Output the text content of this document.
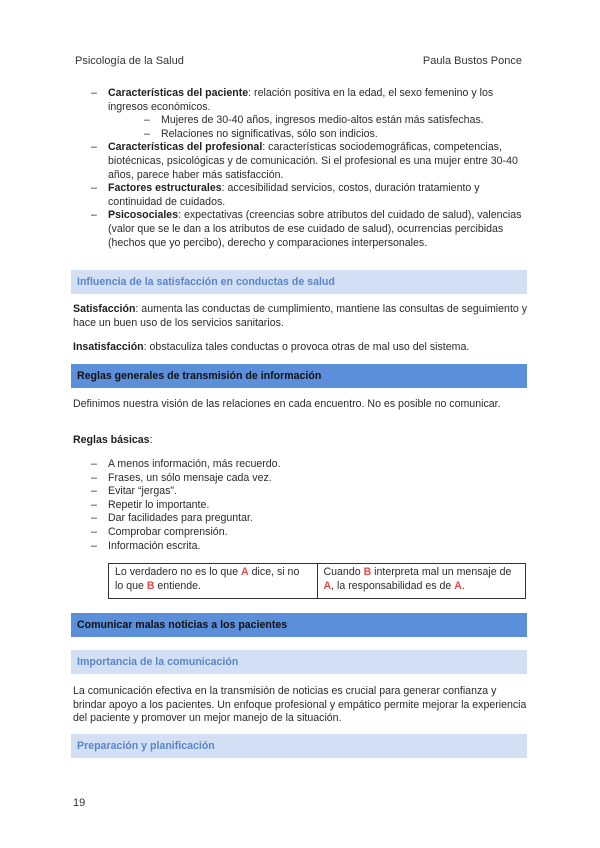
Psicología de la Salud	Paula Bustos Ponce
– Características del paciente: relación positiva en la edad, el sexo femenino y los ingresos económicos.
– Mujeres de 30-40 años, ingresos medio-altos están más satisfechas.
– Relaciones no significativas, sólo son indicios.
– Características del profesional: características sociodemográficas, competencias, biotécnicas, psicológicas y de comunicación. Si el profesional es una mujer entre 30-40 años, parece haber más satisfacción.
– Factores estructurales: accesibilidad servicios, costos, duración tratamiento y continuidad de cuidados.
– Psicosociales: expectativas (creencias sobre atributos del cuidado de salud), valencias (valor que se le dan a los atributos de ese cuidado de salud), ocurrencias percibidas (hechos que yo percibo), derecho y comparaciones interpersonales.
Influencia de la satisfacción en conductas de salud

Satisfacción: aumenta las conductas de cumplimiento, mantiene las consultas de seguimiento y hace un buen uso de los servicios sanitarios.

Insatisfacción: obstaculiza tales conductas o provoca otras de mal uso del sistema.

Reglas generales de transmisión de información

Definimos nuestra visión de las relaciones en cada encuentro. No es posible no comunicar.

Reglas básicas:

– A menos información, más recuerdo.
– Frases, un sólo mensaje cada vez.
– Evitar “jergas”.
– Repetir lo importante.
– Dar facilidades para preguntar.
– Comprobar comprensión.
– Información escrita.
Lo verdadero no es lo que A dice, si no lo que B entiende.	Cuando B interpreta mal un mensaje de A, la responsabilidad es de A.
Comunicar malas noticias a los pacientes
Importancia de la comunicación

La comunicación efectiva en la transmisión de noticias es crucial para generar confianza y brindar apoyo a los pacientes. Un enfoque profesional y empático permite mejorar la experiencia del paciente y promover un mejor manejo de la situación.

Preparación y planificación
19
